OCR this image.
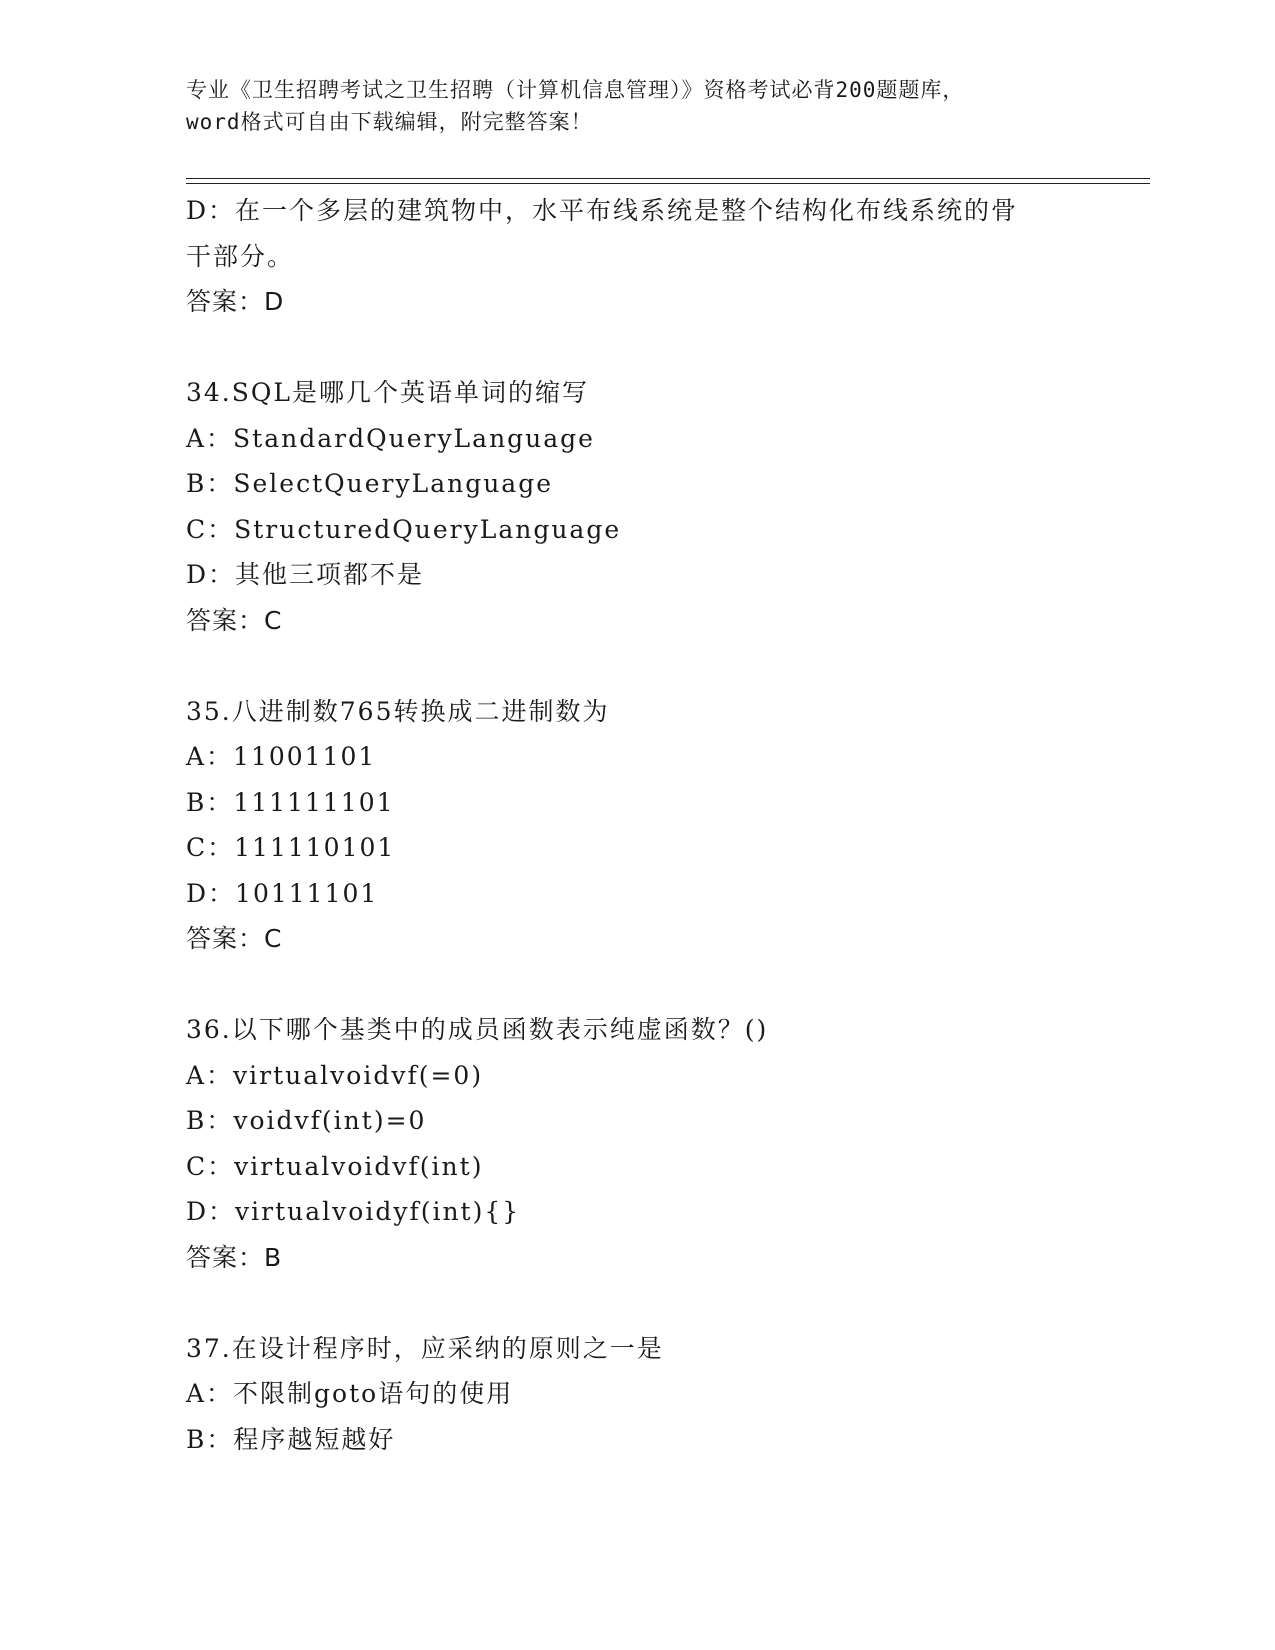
专业《卫生招聘考试之卫生招聘（计算机信息管理）》资格考试必背200题题库，
word格式可自由下载编辑，附完整答案！
D：在一个多层的建筑物中，水平布线系统是整个结构化布线系统的骨
干部分。
答案：D
34.SQL是哪几个英语单词的缩写
A：StandardQueryLanguage
B：SelectQueryLanguage
C：StructuredQueryLanguage
D：其他三项都不是
答案：C
35.八进制数765转换成二进制数为
A：11001101
B：111111101
C：111110101
D：10111101
答案：C
36.以下哪个基类中的成员函数表示纯虚函数？()
A：virtualvoidvf(=0)
B：voidvf(int)=0
C：virtualvoidvf(int)
D：virtualvoidyf(int){}
答案：B
37.在设计程序时，应采纳的原则之一是
A：不限制goto语句的使用
B：程序越短越好
